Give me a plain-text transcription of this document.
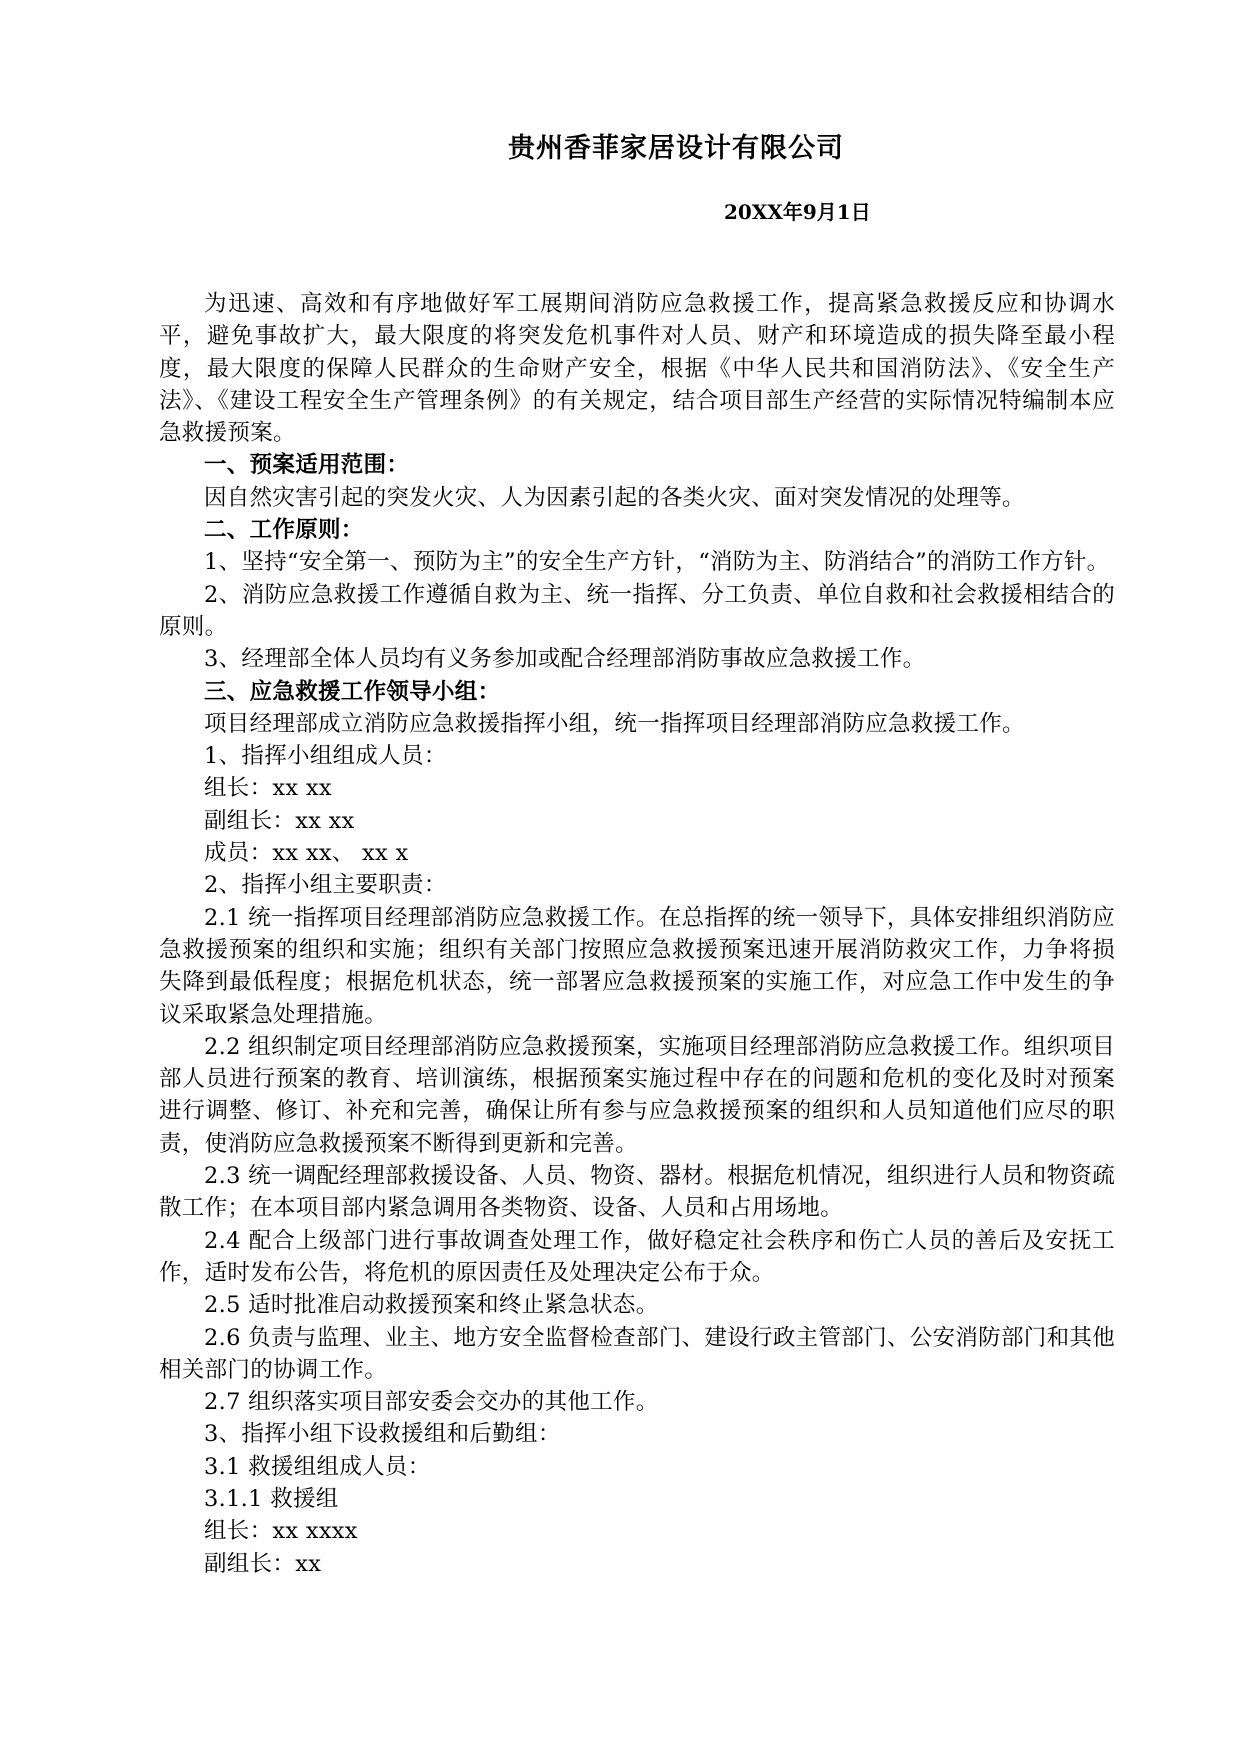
贵州香菲家居设计有限公司
20XX年9月1日

为迅速、高效和有序地做好军工展期间消防应急救援工作，提高紧急救援反应和协调水平，避免事故扩大，最大限度的将突发危机事件对人员、财产和环境造成的损失降至最小程度，最大限度的保障人民群众的生命财产安全，根据《中华人民共和国消防法》、《安全生产法》、《建设工程安全生产管理条例》的有关规定，结合项目部生产经营的实际情况特编制本应急救援预案。

一、预案适用范围：

因自然灾害引起的突发火灾、人为因素引起的各类火灾、面对突发情况的处理等。

二、工作原则：

1、坚持“安全第一、预防为主”的安全生产方针，“消防为主、防消结合”的消防工作方针。

2、消防应急救援工作遵循自救为主、统一指挥、分工负责、单位自救和社会救援相结合的原则。

3、经理部全体人员均有义务参加或配合经理部消防事故应急救援工作。

三、应急救援工作领导小组：

项目经理部成立消防应急救援指挥小组，统一指挥项目经理部消防应急救援工作。

1、指挥小组组成人员：

组长：xx xx

副组长：xx xx

成员：xx xx、 xx x

2、指挥小组主要职责：

2.1 统一指挥项目经理部消防应急救援工作。在总指挥的统一领导下，具体安排组织消防应急救援预案的组织和实施；组织有关部门按照应急救援预案迅速开展消防救灾工作，力争将损失降到最低程度；根据危机状态，统一部署应急救援预案的实施工作，对应急工作中发生的争议采取紧急处理措施。

2.2 组织制定项目经理部消防应急救援预案，实施项目经理部消防应急救援工作。组织项目部人员进行预案的教育、培训演练，根据预案实施过程中存在的问题和危机的变化及时对预案进行调整、修订、补充和完善，确保让所有参与应急救援预案的组织和人员知道他们应尽的职责，使消防应急救援预案不断得到更新和完善。

2.3 统一调配经理部救援设备、人员、物资、器材。根据危机情况，组织进行人员和物资疏散工作；在本项目部内紧急调用各类物资、设备、人员和占用场地。

2.4 配合上级部门进行事故调查处理工作，做好稳定社会秩序和伤亡人员的善后及安抚工作，适时发布公告，将危机的原因责任及处理决定公布于众。

2.5 适时批准启动救援预案和终止紧急状态。

2.6 负责与监理、业主、地方安全监督检查部门、建设行政主管部门、公安消防部门和其他相关部门的协调工作。

2.7 组织落实项目部安委会交办的其他工作。

3、指挥小组下设救援组和后勤组：

3.1 救援组组成人员：

3.1.1 救援组

组长：xx xxxx

副组长：xx
